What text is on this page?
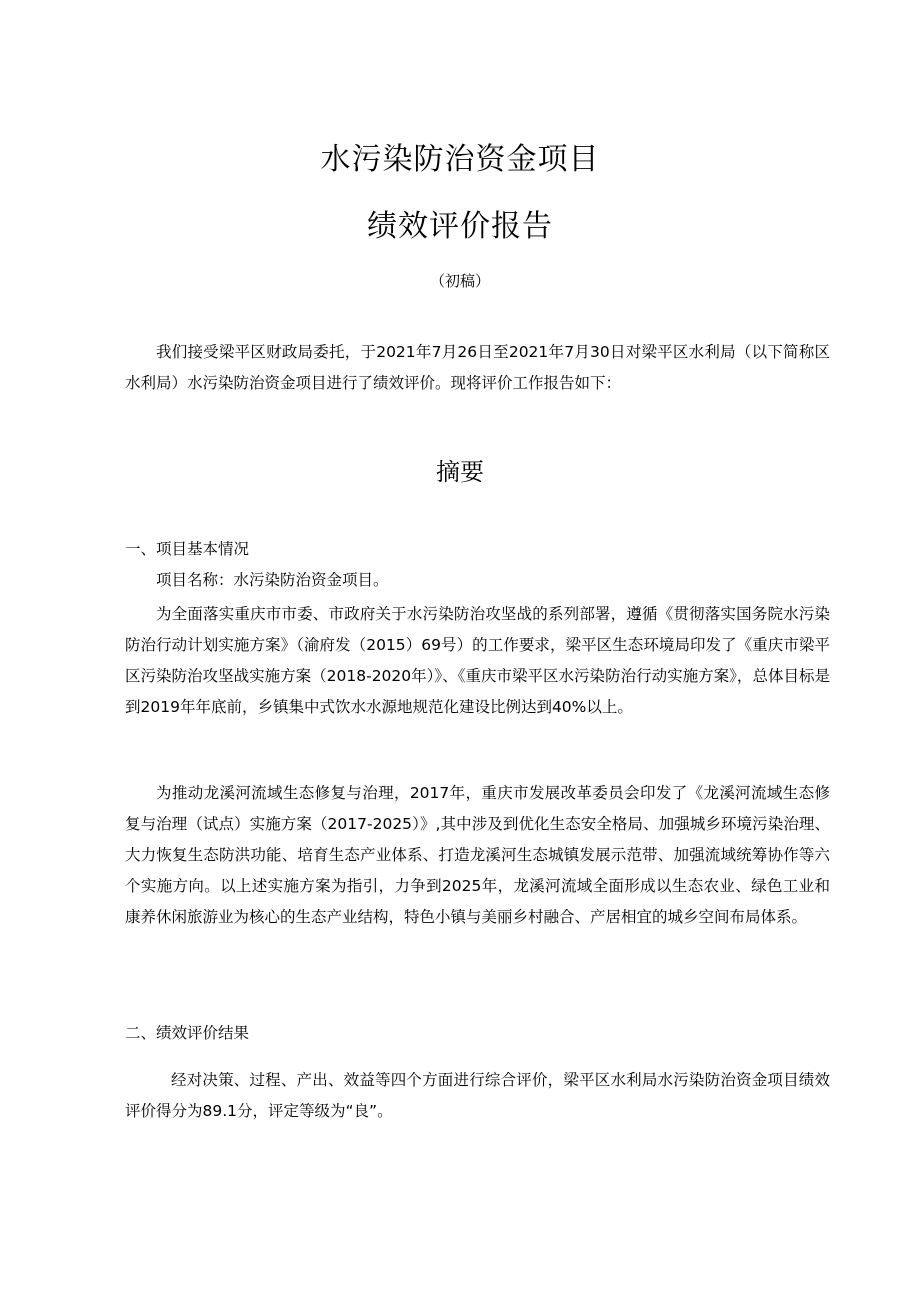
水污染防治资金项目
绩效评价报告
（初稿）

我们接受梁平区财政局委托，于2021年7月26日至2021年7月30日对梁平区水利局（以下简称区水利局）水污染防治资金项目进行了绩效评价。现将评价工作报告如下：

摘要

一、项目基本情况

项目名称：水污染防治资金项目。

为全面落实重庆市市委、市政府关于水污染防治攻坚战的系列部署，遵循《贯彻落实国务院水污染防治行动计划实施方案》（渝府发（2015）69号）的工作要求，梁平区生态环境局印发了《重庆市梁平区污染防治攻坚战实施方案（2018-2020年）》、《重庆市梁平区水污染防治行动实施方案》，总体目标是到2019年年底前，乡镇集中式饮水水源地规范化建设比例达到40%以上。

为推动龙溪河流域生态修复与治理，2017年，重庆市发展改革委员会印发了《龙溪河流域生态修复与治理（试点）实施方案（2017-2025）》,其中涉及到优化生态安全格局、加强城乡环境污染治理、大力恢复生态防洪功能、培育生态产业体系、打造龙溪河生态城镇发展示范带、加强流域统筹协作等六个实施方向。以上述实施方案为指引，力争到2025年，龙溪河流域全面形成以生态农业、绿色工业和康养休闲旅游业为核心的生态产业结构，特色小镇与美丽乡村融合、产居相宜的城乡空间布局体系。

二、绩效评价结果

经对决策、过程、产出、效益等四个方面进行综合评价，梁平区水利局水污染防治资金项目绩效评价得分为89.1分，评定等级为“良”。
